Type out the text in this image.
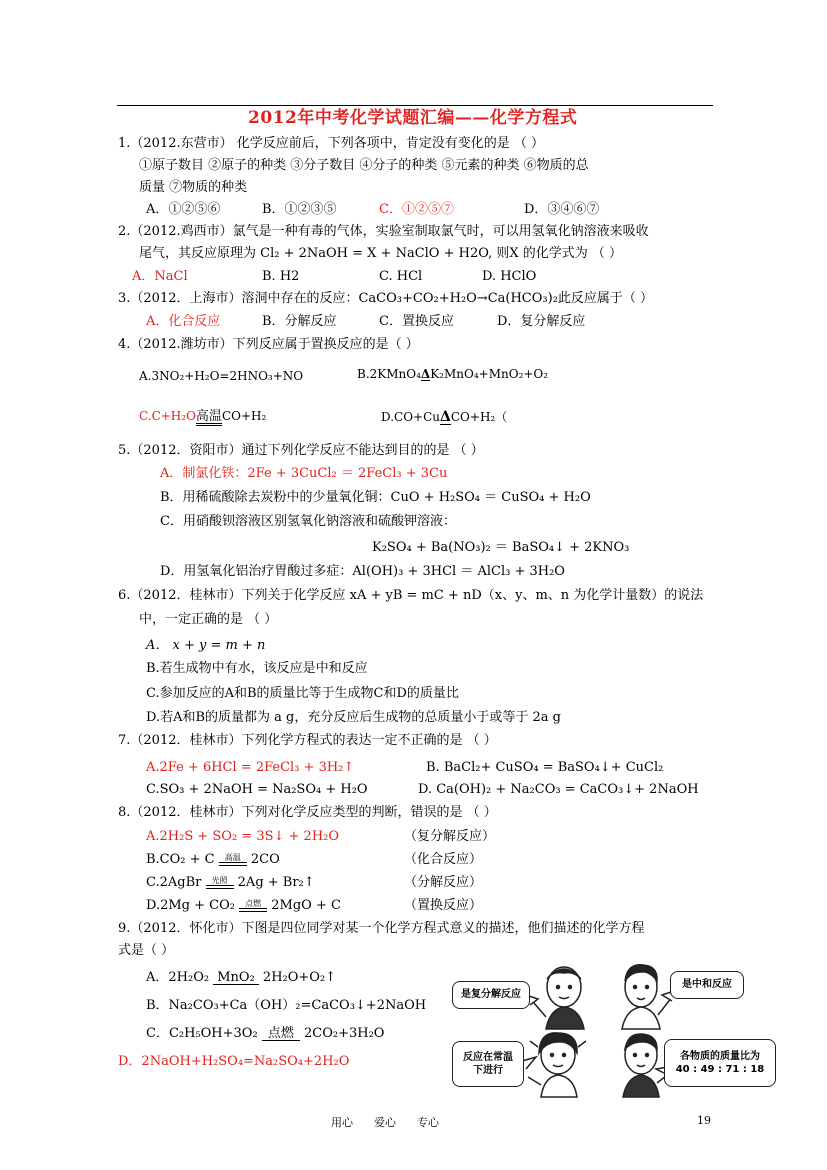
2012年中考化学试题汇编——化学方程式
1.（2012.东营市） 化学反应前后，下列各项中，肯定没有变化的是 （ ）
①原子数目 ②原子的种类 ③分子数目 ④分子的种类 ⑤元素的种类 ⑥物质的总
质量 ⑦物质的种类
A．①②⑤⑥	B．①②③⑤	C．①②⑤⑦	D．③④⑥⑦
2.（2012.鸡西市）氯气是一种有毒的气体，实验室制取氯气时，可以用氢氧化钠溶液来吸收
尾气，其反应原理为 Cl₂ + 2NaOH = X + NaClO + H2O, 则X 的化学式为 （ ）
A．NaCl	B. H2	C. HCl	D. HClO
3.（2012．上海市）溶洞中存在的反应：CaCO₃+CO₂+H₂O→Ca(HCO₃)₂此反应属于（ ）
A．化合反应	B．分解反应	C．置换反应	D．复分解反应
4.（2012.潍坊市）下列反应属于置换反应的是（ ）
A.3NO₂+H₂O=2HNO₃+NO	B.2KMnO₄ΔK₂MnO₄+MnO₂+O₂
C.C+H₂O高温CO+H₂	D.CO+CuΔCO+H₂（
5.（2012．资阳市）通过下列化学反应不能达到目的的是 （ ）
A．制氯化铁：2Fe + 3CuCl₂ ＝ 2FeCl₃ + 3Cu
B．用稀硫酸除去炭粉中的少量氧化铜：CuO + H₂SO₄ ＝ CuSO₄ + H₂O
C．用硝酸钡溶液区别氢氧化钠溶液和硫酸钾溶液：
K₂SO₄ + Ba(NO₃)₂ ＝ BaSO₄↓ + 2KNO₃
D．用氢氧化铝治疗胃酸过多症：Al(OH)₃ + 3HCl ＝ AlCl₃ + 3H₂O
6.（2012．桂林市）下列关于化学反应 xA + yB = mC + nD（x、y、m、n 为化学计量数）的说法
中，一定正确的是 （ ）
A． x + y = m + n
B.若生成物中有水，该反应是中和反应
C.参加反应的A和B的质量比等于生成物C和D的质量比
D.若A和B的质量都为 a g，充分反应后生成物的总质量小于或等于 2a g
7.（2012．桂林市）下列化学方程式的表达一定不正确的是 （ ）
A.2Fe + 6HCl = 2FeCl₃ + 3H₂↑	B. BaCl₂+ CuSO₄ = BaSO₄↓+ CuCl₂
C.SO₃ + 2NaOH = Na₂SO₄ + H₂O	D. Ca(OH)₂ + Na₂CO₃ = CaCO₃↓+ 2NaOH
8.（2012．桂林市）下列对化学反应类型的判断，错误的是 （ ）
A.2H₂S + SO₂ = 3S↓ + 2H₂O	（复分解反应）
B.CO₂ + C	高温 2CO	（化合反应）
C.2AgBr	光照 2Ag + Br₂↑	（分解反应）
D.2Mg + CO₂	点燃 2MgO + C	（置换反应）
9.（2012．怀化市）下图是四位同学对某一个化学方程式意义的描述，他们描述的化学方程
式是（ ）
A．2H₂O₂ MnO₂ 2H₂O+O₂↑
B．Na₂CO₃+Ca（OH）₂=CaCO₃↓+2NaOH
C．C₂H₅OH+3O₂ 点燃 2CO₂+3H₂O
D．2NaOH+H₂SO₄=Na₂SO₄+2H₂O
是复分解反应
是中和反应
反应在常温
下进行
各物质的质量比为
40 : 49 : 71 : 18
用心      爱心      专心	19
